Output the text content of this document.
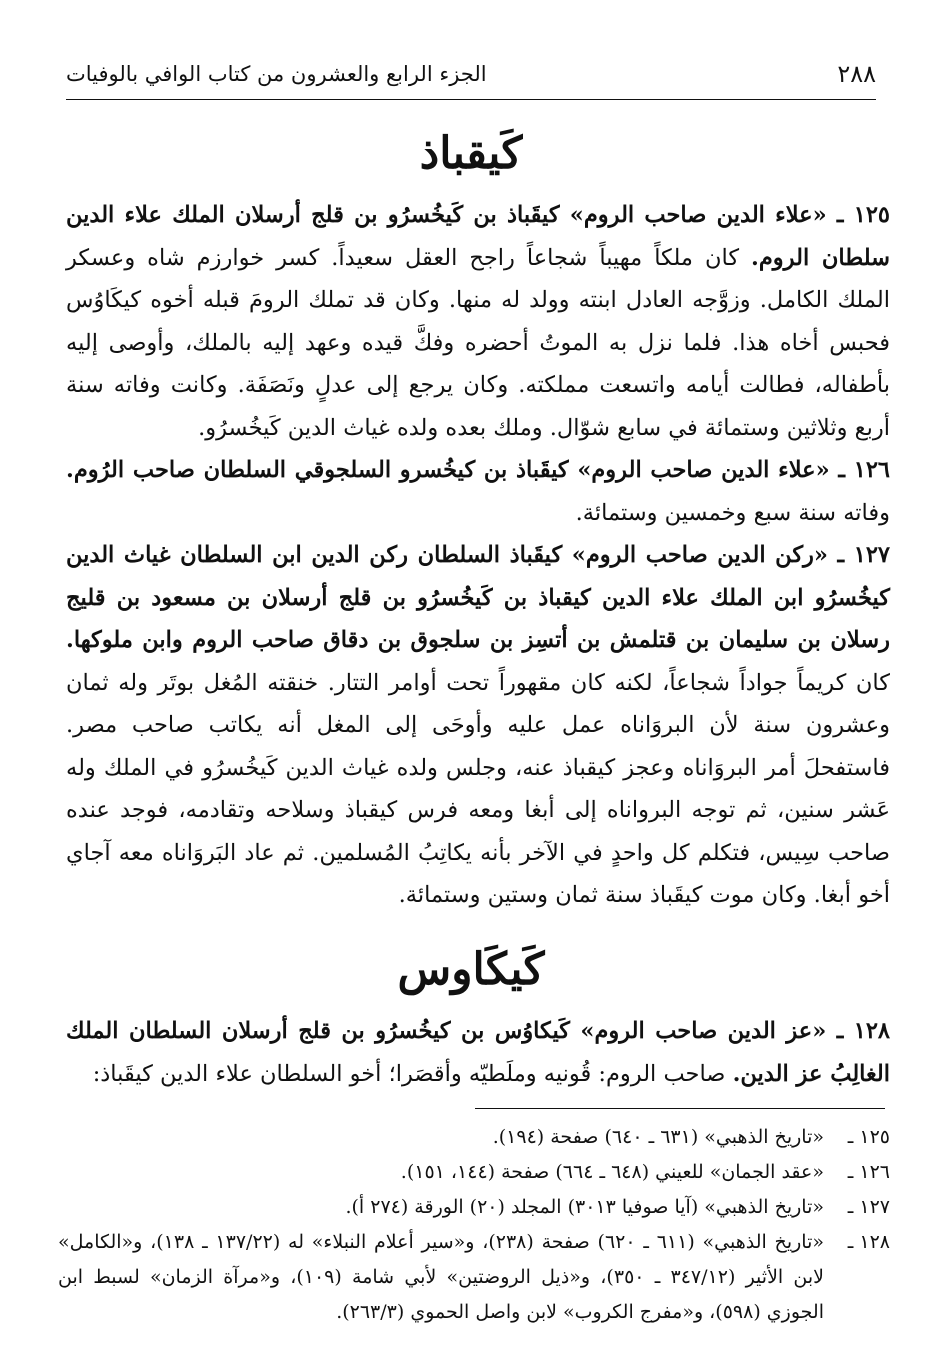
٢٨٨
الجزء الرابع والعشرون من كتاب الوافي بالوفيات
كَيقباذ

١٢٥ ـ «علاء الدين صاحب الروم» كيقَباذ بن كَيخُسرُو بن قلج أرسلان الملك علاء الدين سلطان الروم. كان ملكاً مهيباً شجاعاً راجح العقل سعيداً. كسر خوارزم شاه وعسكر الملك الكامل. وزوَّجه العادل ابنته وولد له منها. وكان قد تملك الرومَ قبله أخوه كيكَاوُس فحبس أخاه هذا. فلما نزل به الموتُ أحضره وفكَّ قيده وعهد إليه بالملك، وأوصى إليه بأطفاله، فطالت أيامه واتسعت مملكته. وكان يرجع إلى عدلٍ ونَصَفَة. وكانت وفاته سنة أربع وثلاثين وستمائة في سابع شوّال. وملك بعده ولده غياث الدين كَيخُسرُو.

١٢٦ ـ «علاء الدين صاحب الروم» كيقَباذ بن كيخُسرو السلجوقي السلطان صاحب الرُوم. وفاته سنة سبع وخمسين وستمائة.

١٢٧ ـ «ركن الدين صاحب الروم» كيقَباذ السلطان ركن الدين ابن السلطان غياث الدين كيخُسرُو ابن الملك علاء الدين كيقباذ بن كَيخُسرُو بن قلج أرسلان بن مسعود بن قليج رسلان بن سليمان بن قتلمش بن أتسِز بن سلجوق بن دقاق صاحب الروم وابن ملوكها. كان كريماً جواداً شجاعاً، لكنه كان مقهوراً تحت أوامر التتار. خنقته المُغل بوتَر وله ثمان وعشرون سنة لأن البروَاناه عمل عليه وأوحَى إلى المغل أنه يكاتب صاحب مصر. فاستفحلَ أمر البروَاناه وعجز كيقباذ عنه، وجلس ولده غياث الدين كَيخُسرُو في الملك وله عَشر سنين، ثم توجه البرواناه إلى أبغا ومعه فرس كيقباذ وسلاحه وتقادمه، فوجد عنده صاحب سِيس، فتكلم كل واحدٍ في الآخر بأنه يكاتِبُ المُسلمين. ثم عاد البَروَاناه معه آجاي أخو أبغا. وكان موت كيقَباذ سنة ثمان وستين وستمائة.

كَيكَاوس

١٢٨ ـ «عز الدين صاحب الروم» كَيكاوُس بن كيخُسرُو بن قلج أرسلان السلطان الملك الغالِبُ عز الدين. صاحب الروم: قُونيه وملَطيّه وأقصَرا؛ أخو السلطان علاء الدين كيقَباذ:

١٢٥ ـ
«تاريخ الذهبي» (٦٣١ ـ ٦٤٠) صفحة (١٩٤).
١٢٦ ـ
«عقد الجمان» للعيني (٦٤٨ ـ ٦٦٤) صفحة (١٤٤، ١٥١).
١٢٧ ـ
«تاريخ الذهبي» (آيا صوفيا ٣٠١٣) المجلد (٢٠) الورقة (٢٧٤ أ).
١٢٨ ـ
«تاريخ الذهبي» (٦١١ ـ ٦٢٠) صفحة (٢٣٨)، و«سير أعلام النبلاء» له (١٣٧/٢٢ ـ ١٣٨)، و«الكامل» لابن الأثير (٣٤٧/١٢ ـ ٣٥٠)، و«ذيل الروضتين» لأبي شامة (١٠٩)، و«مرآة الزمان» لسبط ابن الجوزي (٥٩٨)، و«مفرج الكروب» لابن واصل الحموي (٢٦٣/٣).
